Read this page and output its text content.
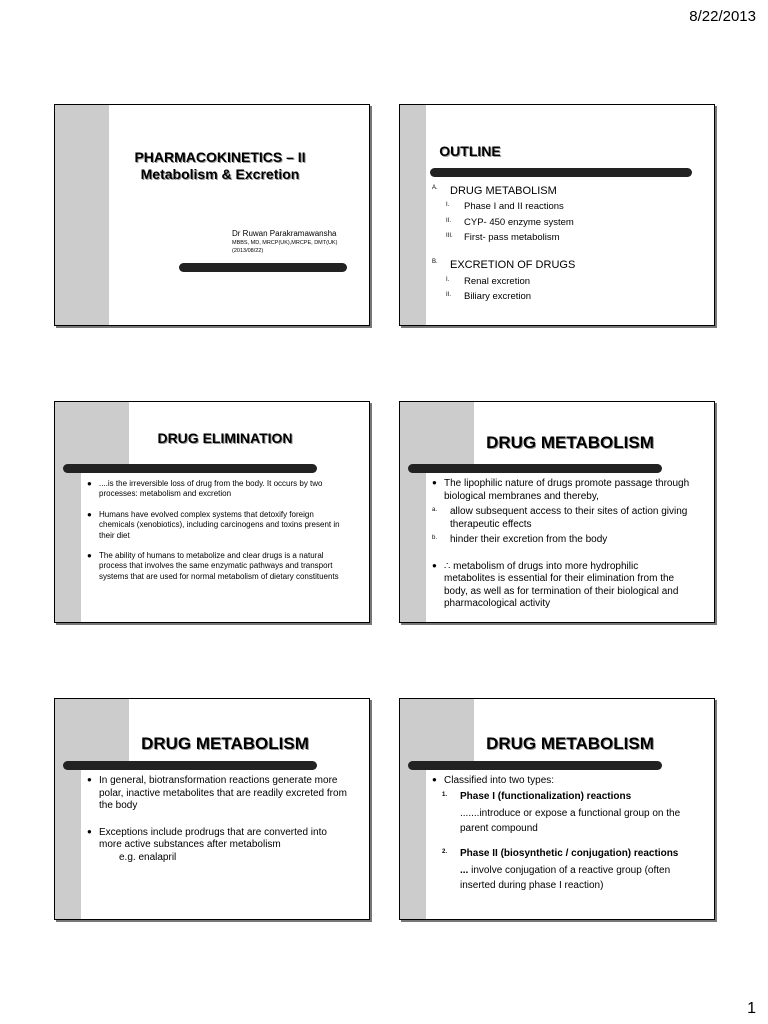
8/22/2013
PHARMACOKINETICS – II
Metabolism & Excretion
Dr Ruwan Parakramawansha
MBBS, MD, MRCP(UK),MRCPE, DMT(UK)
(2013/08/22)
OUTLINE
A. DRUG METABOLISM
I. Phase I and II reactions
II. CYP- 450 enzyme system
III. First- pass metabolism
B. EXCRETION OF DRUGS
I. Renal excretion
II. Biliary excretion
DRUG ELIMINATION
● ....is the irreversible loss of drug from the body. It occurs by two processes: metabolism and excretion

● Humans have evolved complex systems that detoxify foreign chemicals (xenobiotics), including carcinogens and toxins present in their diet

● The ability of humans to metabolize and clear drugs is a natural process that involves the same enzymatic pathways and transport systems that are used for normal metabolism of dietary constituents

DRUG METABOLISM
● The lipophilic nature of drugs promote passage through biological membranes and thereby,

a. allow subsequent access to their sites of action giving therapeutic effects
b. hinder their excretion from the body
● ∴ metabolism of drugs into more hydrophilic metabolites is essential for their elimination from the body, as well as for termination of their biological and pharmacological activity

DRUG METABOLISM
● In general, biotransformation reactions generate more polar, inactive metabolites that are readily excreted from the body

● Exceptions include prodrugs that are converted into more active substances after metabolism

e.g. enalapril

DRUG METABOLISM
● Classified into two types:

1. Phase I (functionalization) reactions

.......introduce or expose a functional group on the parent compound

2. Phase II (biosynthetic / conjugation) reactions

... involve conjugation of a reactive group (often inserted during phase I reaction)

1
